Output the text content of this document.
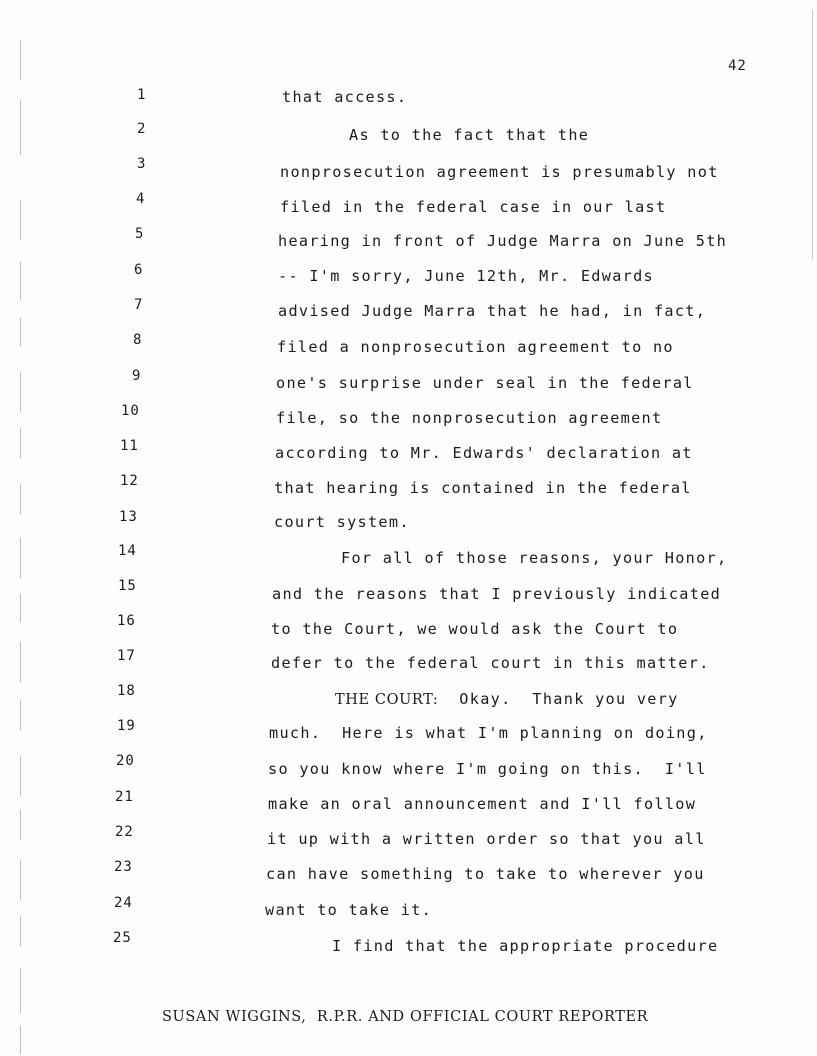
42
1
2
3
4
5
6
7
8
9
10
11
12
13
14
15
16
17
18
19
20
21
22
23
24
25
that access.
As to the fact that the
nonprosecution agreement is presumably not
filed in the federal case in our last
hearing in front of Judge Marra on June 5th
-- I'm sorry, June 12th, Mr. Edwards
advised Judge Marra that he had, in fact,
filed a nonprosecution agreement to no
one's surprise under seal in the federal
file, so the nonprosecution agreement
according to Mr. Edwards' declaration at
that hearing is contained in the federal
court system.
For all of those reasons, your Honor,
and the reasons that I previously indicated
to the Court, we would ask the Court to
defer to the federal court in this matter.
THE COURT:  Okay.  Thank you very
much.  Here is what I'm planning on doing,
so you know where I'm going on this.  I'll
make an oral announcement and I'll follow
it up with a written order so that you all
can have something to take to wherever you
want to take it.
I find that the appropriate procedure
SUSAN WIGGINS,  R.P.R. AND OFFICIAL COURT REPORTER
